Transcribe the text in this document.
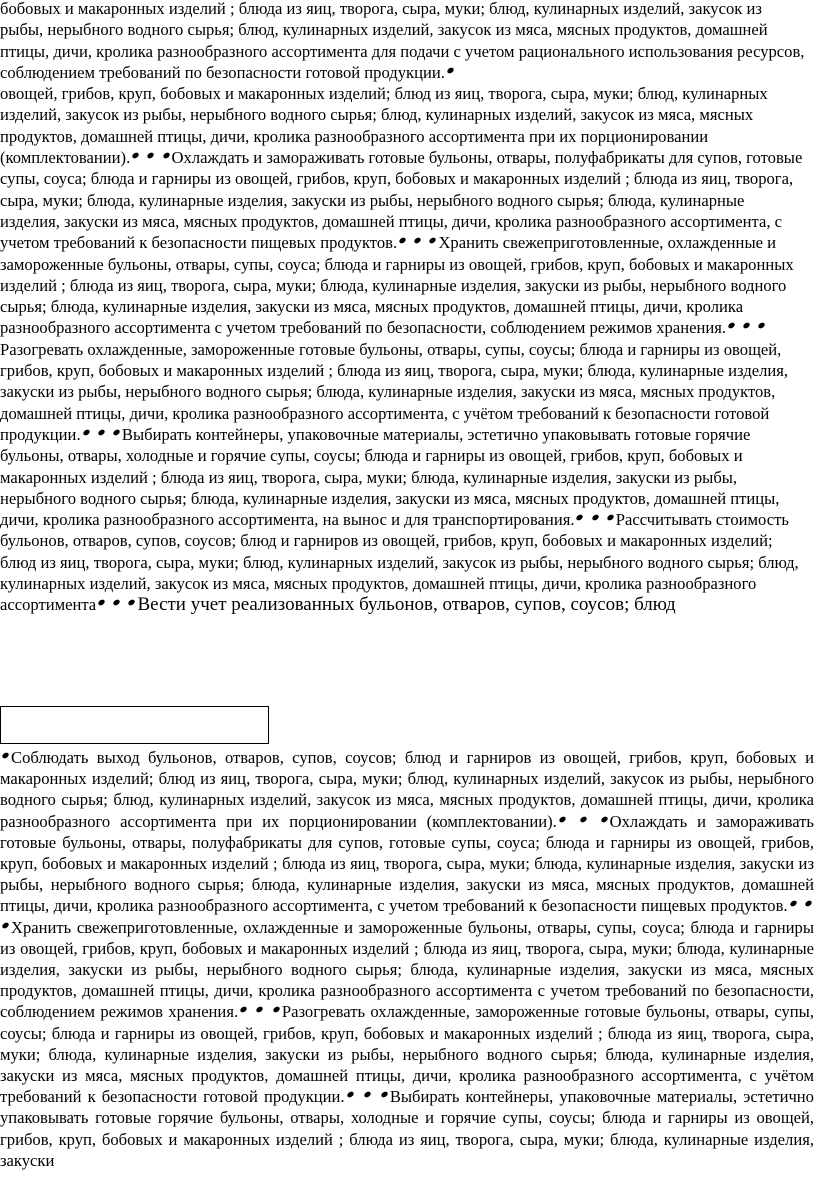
бобовых и макаронных изделий ; блюда из яиц, творога, сыра, муки; блюд, кулинарных изделий, закусок из рыбы, нерыбного водного сырья; блюд, кулинарных изделий, закусок из мяса, мясных продуктов, домашней птицы, дичи, кролика разнообразного ассортимента для подачи с учетом рационального использования ресурсов, соблюдением требований по безопасности готовой продукции.

овощей, грибов, круп, бобовых и макаронных изделий; блюд из яиц, творога, сыра, муки; блюд, кулинарных изделий, закусок из рыбы, нерыбного водного сырья; блюд, кулинарных изделий, закусок из мяса, мясных продуктов, домашней птицы, дичи, кролика разнообразного ассортимента при их порционировании (комплектовании). Охлаждать и замораживать готовые бульоны, отвары, полуфабрикаты для супов, готовые супы, соуса; блюда и гарниры из овощей, грибов, круп, бобовых и макаронных изделий ; блюда из яиц, творога, сыра, муки; блюда, кулинарные изделия, закуски из рыбы, нерыбного водного сырья; блюда, кулинарные изделия, закуски из мяса, мясных продуктов, домашней птицы, дичи, кролика разнообразного ассортимента, с учетом требований к безопасности пищевых продуктов. Хранить свежеприготовленные, охлажденные и замороженные бульоны, отвары, супы, соуса; блюда и гарниры из овощей, грибов, круп, бобовых и макаронных изделий ; блюда из яиц, творога, сыра, муки; блюда, кулинарные изделия, закуски из рыбы, нерыбного водного сырья; блюда, кулинарные изделия, закуски из мяса, мясных продуктов, домашней птицы, дичи, кролика разнообразного ассортимента с учетом требований по безопасности, соблюдением режимов хранения.  Разогревать охлажденные, замороженные готовые бульоны, отвары, супы, соусы; блюда и гарниры из овощей, грибов, круп, бобовых и макаронных изделий ; блюда из яиц, творога, сыра, муки; блюда, кулинарные изделия, закуски из рыбы, нерыбного водного сырья; блюда, кулинарные изделия, закуски из мяса, мясных продуктов, домашней птицы, дичи, кролика разнообразного ассортимента, с учётом требований к безопасности готовой продукции. Выбирать контейнеры, упаковочные материалы, эстетично упаковывать готовые горячие бульоны, отвары, холодные и горячие супы, соусы; блюда и гарниры из овощей, грибов, круп, бобовых и макаронных изделий ; блюда из яиц, творога, сыра, муки; блюда, кулинарные изделия, закуски из рыбы, нерыбного водного сырья; блюда, кулинарные изделия, закуски из мяса, мясных продуктов, домашней птицы, дичи, кролика разнообразного ассортимента, на вынос и для транспортирования. Рассчитывать стоимость бульонов, отваров, супов, соусов; блюд и гарниров из овощей, грибов, круп, бобовых и макаронных изделий; блюд из яиц, творога, сыра, муки; блюд, кулинарных изделий, закусок из рыбы, нерыбного водного сырья; блюд, кулинарных изделий, закусок из мяса, мясных продуктов, домашней птицы, дичи, кролика разнообразного ассортимента Вести учет реализованных бульонов, отваров, супов, соусов; блюд

Соблюдать выход бульонов, отваров, супов, соусов; блюд и гарниров из овощей, грибов, круп, бобовых и макаронных изделий; блюд из яиц, творога, сыра, муки; блюд, кулинарных изделий, закусок из рыбы, нерыбного водного сырья; блюд, кулинарных изделий, закусок из мяса, мясных продуктов, домашней птицы, дичи, кролика разнообразного ассортимента при их порционировании (комплектовании).	Охлаждать и замораживать готовые бульоны, отвары, полуфабрикаты для супов, готовые супы, соуса; блюда и гарниры из овощей, грибов, круп, бобовых и макаронных изделий ; блюда из яиц, творога, сыра, муки; блюда, кулинарные изделия, закуски из рыбы, нерыбного водного сырья; блюда, кулинарные изделия, закуски из мяса, мясных продуктов, домашней птицы, дичи, кролика разнообразного ассортимента, с учетом требований к безопасности пищевых продуктов.  Хранить свежеприготовленные, охлажденные и замороженные бульоны, отвары, супы, соуса; блюда и гарниры из овощей, грибов, круп, бобовых и макаронных изделий ; блюда из яиц, творога, сыра, муки; блюда, кулинарные изделия, закуски из рыбы, нерыбного водного сырья; блюда, кулинарные изделия, закуски из мяса, мясных продуктов, домашней птицы, дичи, кролика разнообразного ассортимента с учетом требований по безопасности, соблюдением режимов хранения.	Разогревать охлажденные, замороженные готовые бульоны, отвары, супы, соусы; блюда и гарниры из овощей, грибов, круп, бобовых и макаронных изделий ; блюда из яиц, творога, сыра, муки; блюда, кулинарные изделия, закуски из рыбы, нерыбного водного сырья; блюда, кулинарные изделия, закуски из мяса, мясных продуктов, домашней птицы, дичи, кролика разнообразного ассортимента, с учётом требований к безопасности готовой продукции.	Выбирать контейнеры, упаковочные материалы, эстетично упаковывать готовые горячие бульоны, отвары, холодные и горячие супы, соусы; блюда и гарниры из овощей, грибов, круп, бобовых и макаронных изделий ; блюда из яиц, творога, сыра, муки; блюда, кулинарные изделия, закуски
